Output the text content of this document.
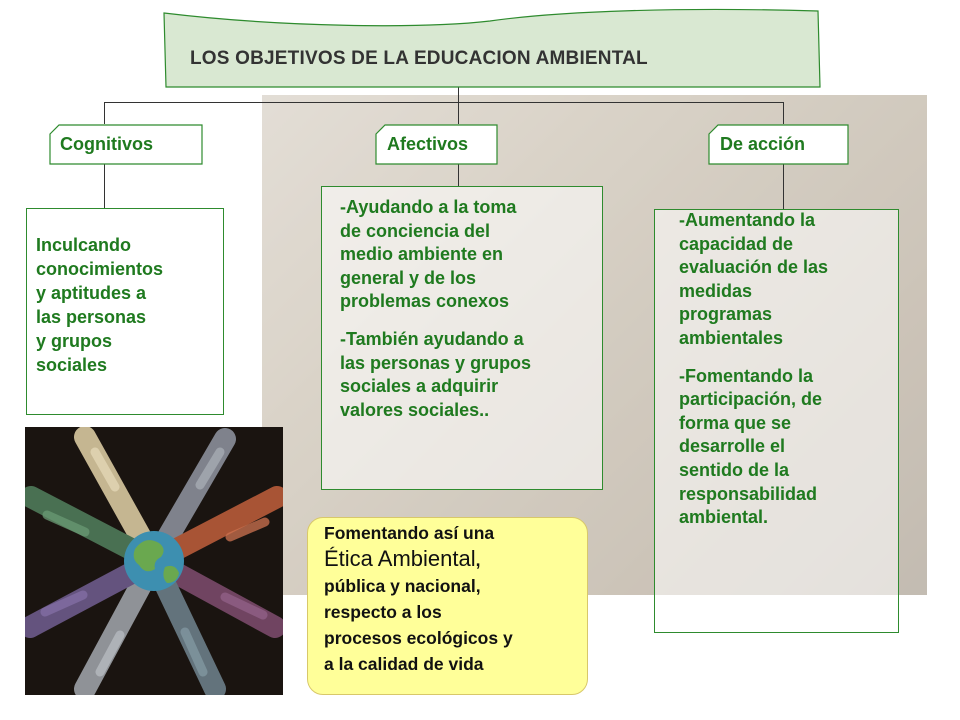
LOS OBJETIVOS DE LA EDUCACION AMBIENTAL
Cognitivos	Afectivos	De acción

Inculcando

conocimientos

y aptitudes a

las personas

y grupos

sociales

-Ayudando a la toma

de conciencia del

medio ambiente en

general y de los

problemas conexos

-También ayudando a

las personas y grupos

sociales a adquirir

valores sociales..

-Aumentando la

capacidad de

evaluación de las

medidas

programas

ambientales

-Fomentando la

participación, de

forma que se

desarrolle el

sentido de la

responsabilidad

ambiental.

Fomentando así una
Ética Ambiental,
pública y nacional,
respecto a los
procesos ecológicos y
a la calidad de vida
